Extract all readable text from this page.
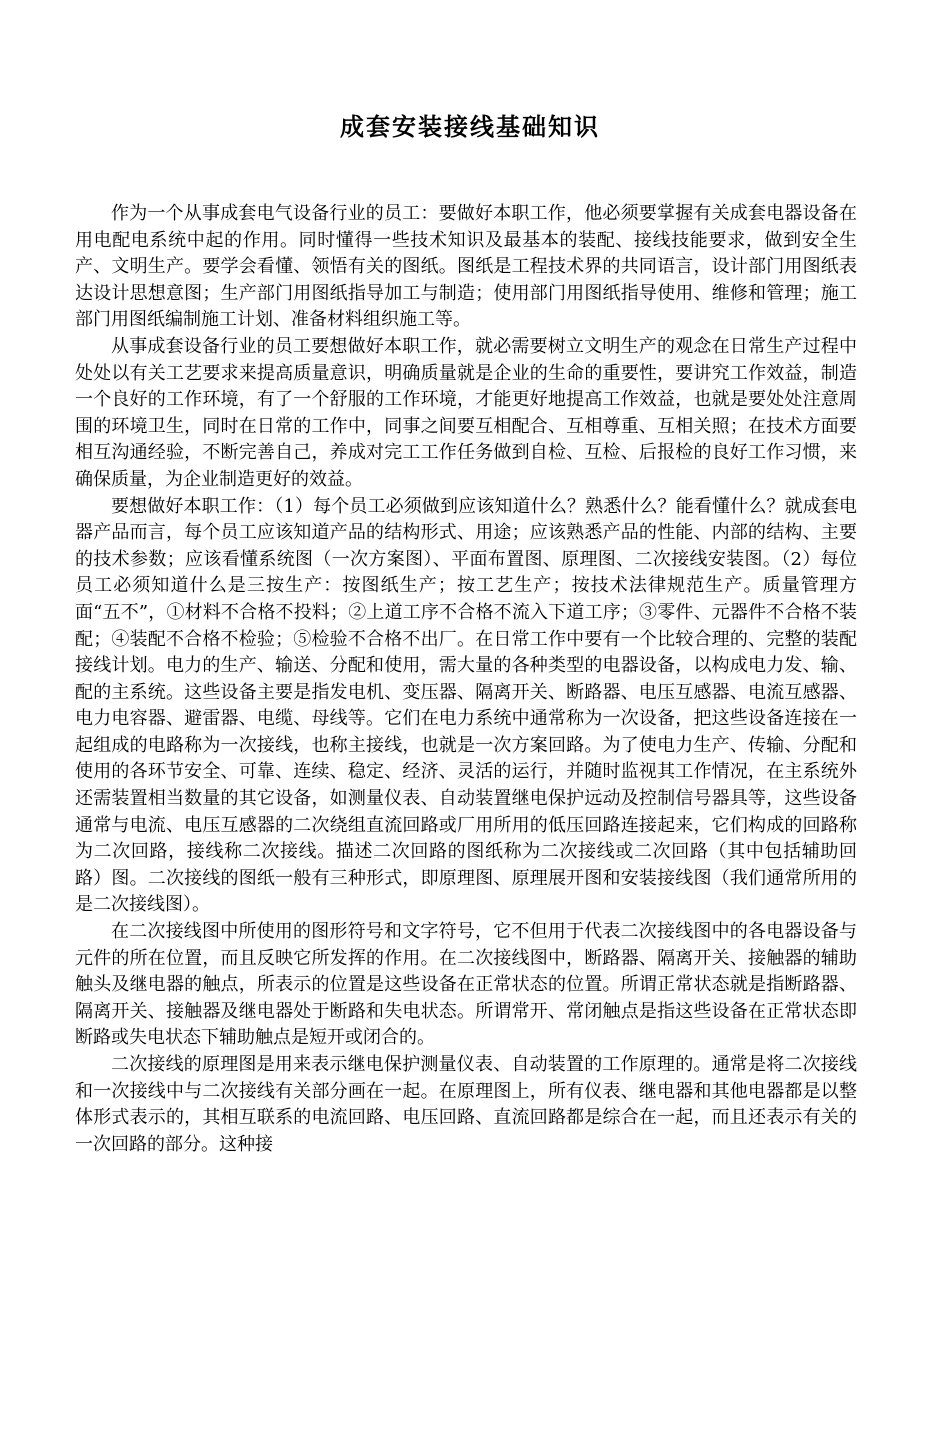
成套安装接线基础知识

作为一个从事成套电气设备行业的员工：要做好本职工作，他必须要掌握有关成套电器设备在用电配电系统中起的作用。同时懂得一些技术知识及最基本的装配、接线技能要求，做到安全生产、文明生产。要学会看懂、领悟有关的图纸。图纸是工程技术界的共同语言，设计部门用图纸表达设计思想意图；生产部门用图纸指导加工与制造；使用部门用图纸指导使用、维修和管理；施工部门用图纸编制施工计划、准备材料组织施工等。

从事成套设备行业的员工要想做好本职工作，就必需要树立文明生产的观念在日常生产过程中处处以有关工艺要求来提高质量意识，明确质量就是企业的生命的重要性，要讲究工作效益，制造一个良好的工作环境，有了一个舒服的工作环境，才能更好地提高工作效益，也就是要处处注意周围的环境卫生，同时在日常的工作中，同事之间要互相配合、互相尊重、互相关照；在技术方面要相互沟通经验，不断完善自己，养成对完工工作任务做到自检、互检、后报检的良好工作习惯，来确保质量，为企业制造更好的效益。

要想做好本职工作：（1）每个员工必须做到应该知道什么？熟悉什么？能看懂什么？就成套电器产品而言，每个员工应该知道产品的结构形式、用途；应该熟悉产品的性能、内部的结构、主要的技术参数；应该看懂系统图（一次方案图）、平面布置图、原理图、二次接线安装图。（2）每位员工必须知道什么是三按生产：按图纸生产；按工艺生产；按技术法律规范生产。质量管理方面“五不”，①材料不合格不投料；②上道工序不合格不流入下道工序；③零件、元器件不合格不装配；④装配不合格不检验；⑤检验不合格不出厂。在日常工作中要有一个比较合理的、完整的装配接线计划。电力的生产、输送、分配和使用，需大量的各种类型的电器设备，以构成电力发、输、配的主系统。这些设备主要是指发电机、变压器、隔离开关、断路器、电压互感器、电流互感器、电力电容器、避雷器、电缆、母线等。它们在电力系统中通常称为一次设备，把这些设备连接在一起组成的电路称为一次接线，也称主接线，也就是一次方案回路。为了使电力生产、传输、分配和使用的各环节安全、可靠、连续、稳定、经济、灵活的运行，并随时监视其工作情况，在主系统外还需装置相当数量的其它设备，如测量仪表、自动装置继电保护远动及控制信号器具等，这些设备通常与电流、电压互感器的二次绕组直流回路或厂用所用的低压回路连接起来，它们构成的回路称为二次回路，接线称二次接线。描述二次回路的图纸称为二次接线或二次回路（其中包括辅助回路）图。二次接线的图纸一般有三种形式，即原理图、原理展开图和安装接线图（我们通常所用的是二次接线图）。

在二次接线图中所使用的图形符号和文字符号，它不但用于代表二次接线图中的各电器设备与元件的所在位置，而且反映它所发挥的作用。在二次接线图中，断路器、隔离开关、接触器的辅助触头及继电器的触点，所表示的位置是这些设备在正常状态的位置。所谓正常状态就是指断路器、隔离开关、接触器及继电器处于断路和失电状态。所谓常开、常闭触点是指这些设备在正常状态即断路或失电状态下辅助触点是短开或闭合的。

二次接线的原理图是用来表示继电保护测量仪表、自动装置的工作原理的。通常是将二次接线和一次接线中与二次接线有关部分画在一起。在原理图上，所有仪表、继电器和其他电器都是以整体形式表示的，其相互联系的电流回路、电压回路、直流回路都是综合在一起，而且还表示有关的一次回路的部分。这种接
